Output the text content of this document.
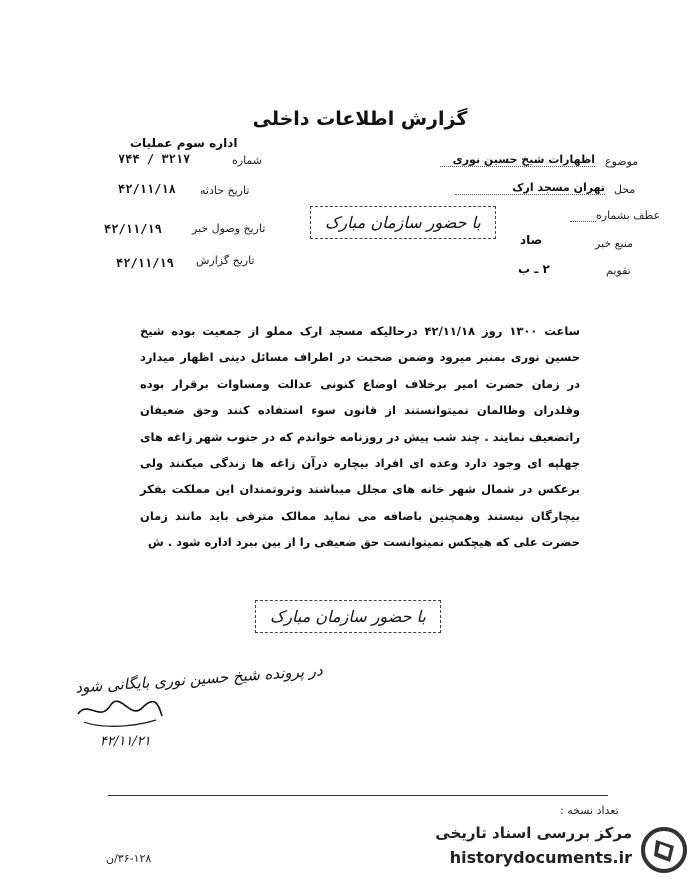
گزارش اطلاعات داخلی
اداره سوم عملیات
شماره
۳۲۱۷ / ۷۴۴
تاریخ حادثه
۴۲/۱۱/۱۸
تاریخ وصول خبر
۴۲/۱۱/۱۹
تاریخ گزارش
۴۲/۱۱/۱۹
موضوع
اظهارات شیخ حسین نوری
محل
تهران مسجد ارک
عطف بشماره
منبع خبر
صاد
تقویم
۲ ـ ب
با حضور سازمان مبارک
ساعت ۱۳۰۰ روز ۴۲/۱۱/۱۸ درحالیکه مسجد ارک مملو از جمعیت بوده شیخ حسین نوری بمنبر میرود وضمن صحبت در اطراف مسائل دینی اظهار میدارد در زمان حضرت امیر برخلاف اوضاع کنونی عدالت ومساوات برقرار بوده وقلدران وظالمان نمیتوانستند از قانون سوء استفاده کنند وحق ضعیفان راتضعیف نمایند . چند شب پیش در روزنامه خواندم که در جنوب شهر زاغه های چهلپه ای وجود دارد وعده ای افراد بیچاره درآن زاغه ها زندگی میکنند ولی برعکس در شمال شهر خانه های مجلل میباشند وثروتمندان این مملکت بفکر بیچارگان نیستند وهمچنین باضافه می نماید ممالک مترقی باید مانند زمان حضرت علی که هیچکس نمیتوانست حق ضعیفی را از بین ببرد اداره شود . ش
با حضور سازمان مبارک
در پرونده شیخ حسین نوری بایگانی شود
۴۲/۱۱/۲۱
تعداد نسخه :
۳۶-۱۲۸/ن
مرکز بررسی اسناد تاریخی
historydocuments.ir
